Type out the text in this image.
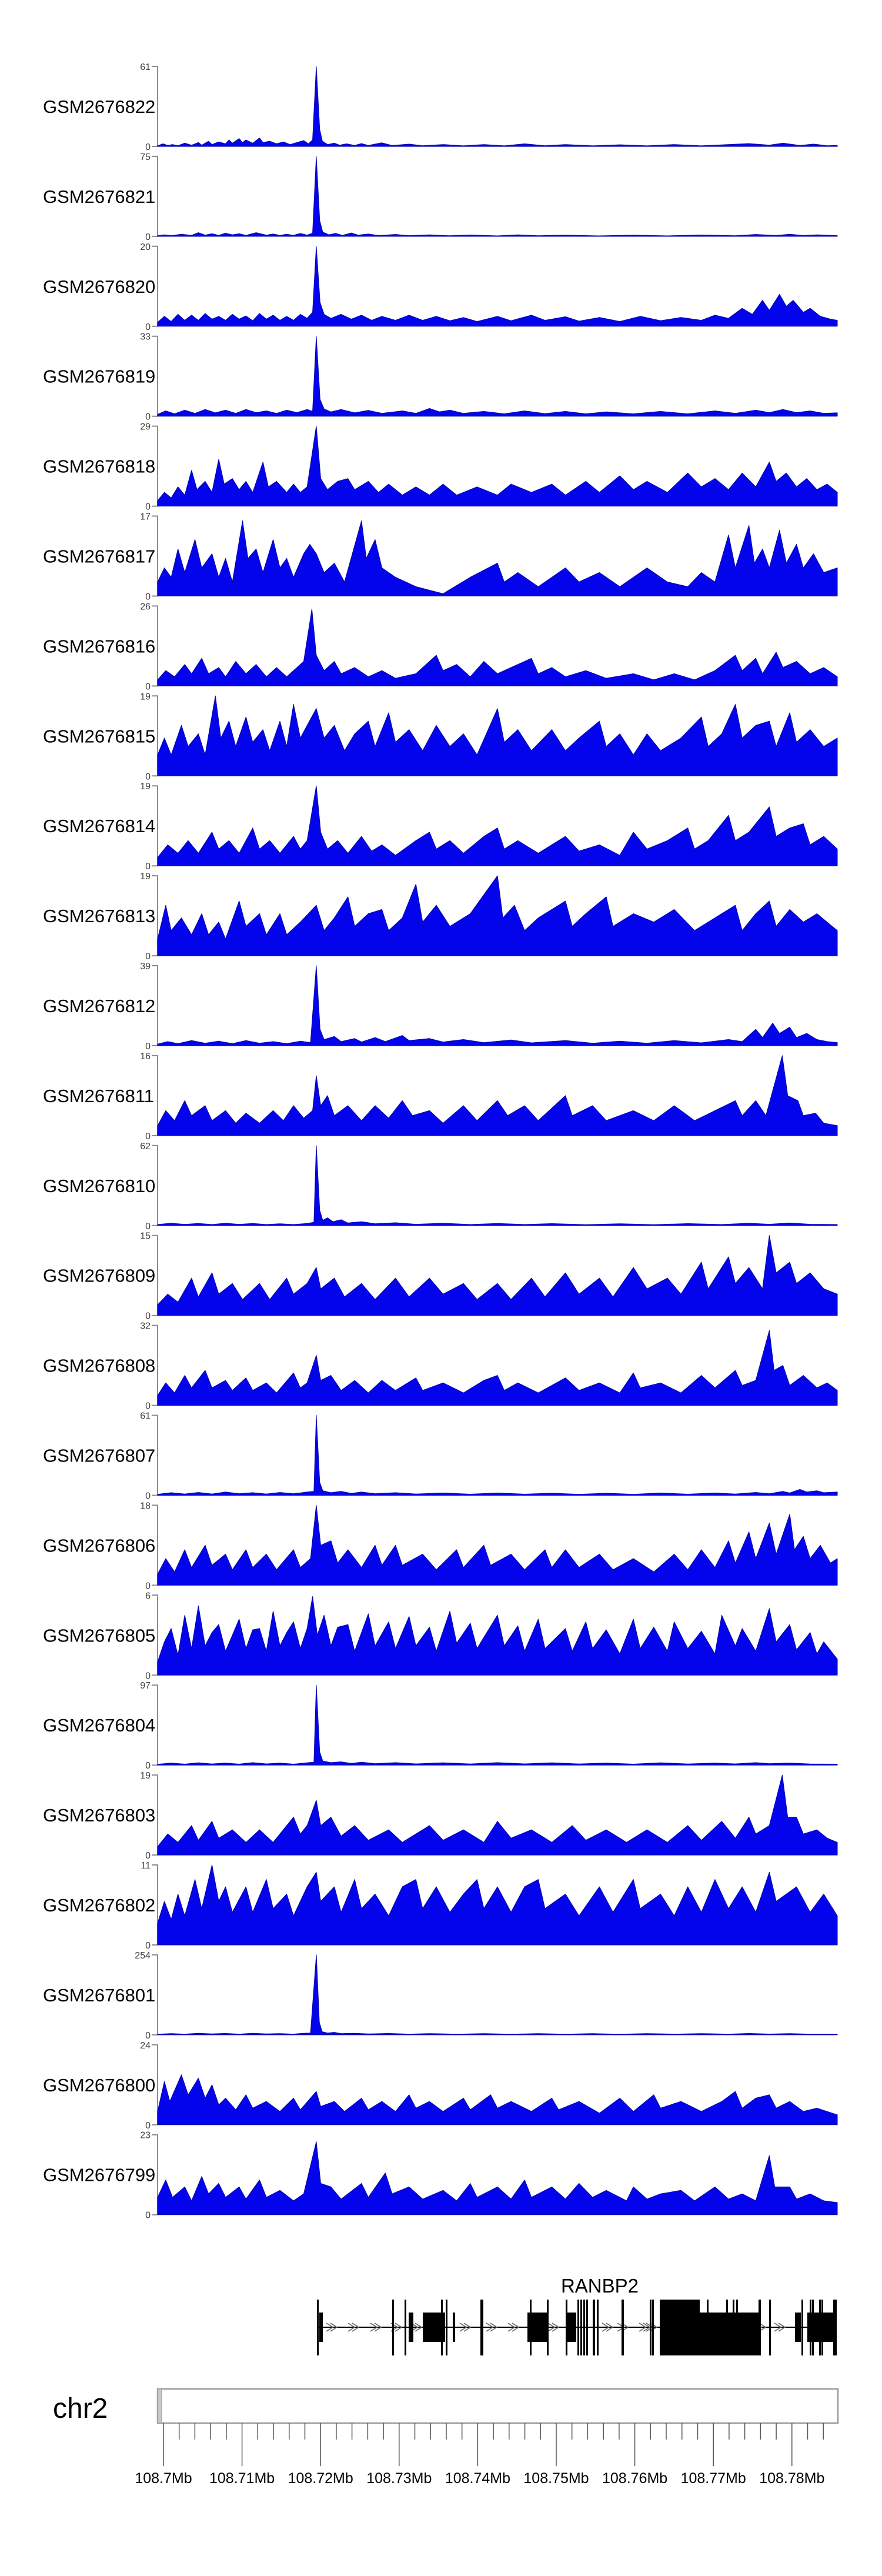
GSM2676822
61
0
GSM2676821
75
0
GSM2676820
20
0
GSM2676819
33
0
GSM2676818
29
0
GSM2676817
17
0
GSM2676816
26
0
GSM2676815
19
0
GSM2676814
19
0
GSM2676813
19
0
GSM2676812
39
0
GSM2676811
16
0
GSM2676810
62
0
GSM2676809
15
0
GSM2676808
32
0
GSM2676807
61
0
GSM2676806
18
0
GSM2676805
6
0
GSM2676804
97
0
GSM2676803
19
0
GSM2676802
11
0
GSM2676801
254
0
GSM2676800
24
0
GSM2676799
23
0
RANBP2
chr2
108.7Mb 108.71Mb 108.72Mb 108.73Mb 108.74Mb 108.75Mb 108.76Mb 108.77Mb 108.78Mb
